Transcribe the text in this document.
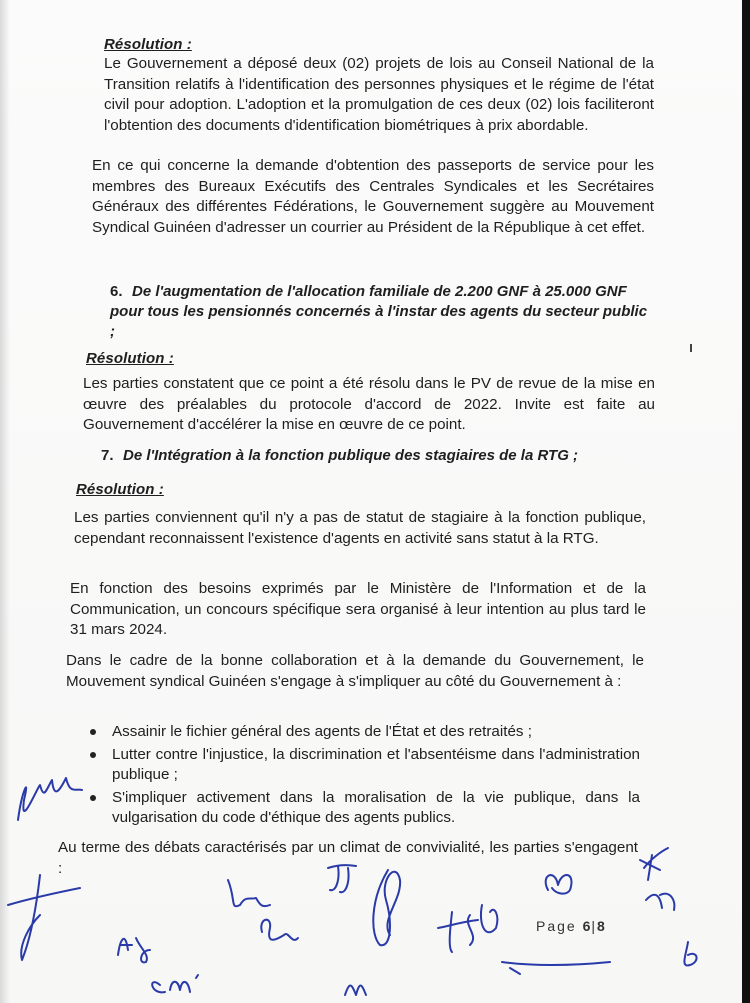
Résolution :
Le Gouvernement a déposé deux (02) projets de lois au Conseil National de la Transition relatifs à l'identification des personnes physiques et le régime de l'état civil pour adoption. L'adoption et la promulgation de ces deux (02) lois faciliteront l'obtention des documents d'identification biométriques à prix abordable.
En ce qui concerne la demande d'obtention des passeports de service pour les membres des Bureaux Exécutifs des Centrales Syndicales et les Secrétaires Généraux des différentes Fédérations, le Gouvernement suggère au Mouvement Syndical Guinéen d'adresser un courrier au Président de la République à cet effet.
6. De l'augmentation de l'allocation familiale de 2.200 GNF à 25.000 GNF pour tous les pensionnés concernés à l'instar des agents du secteur public ;
Résolution :
Les parties constatent que ce point a été résolu dans le PV de revue de la mise en œuvre des préalables du protocole d'accord de 2022. Invite est faite au Gouvernement d'accélérer la mise en œuvre de ce point.
7. De l'Intégration à la fonction publique des stagiaires de la RTG ;
Résolution :
Les parties conviennent qu'il n'y a pas de statut de stagiaire à la fonction publique, cependant reconnaissent l'existence d'agents en activité sans statut à la RTG.
En fonction des besoins exprimés par le Ministère de l'Information et de la Communication, un concours spécifique sera organisé à leur intention au plus tard le 31 mars 2024.
Dans le cadre de la bonne collaboration et à la demande du Gouvernement, le Mouvement syndical Guinéen s'engage à s'impliquer au côté du Gouvernement à :
Assainir le fichier général des agents de l'État et des retraités ;
Lutter contre l'injustice, la discrimination et l'absentéisme dans l'administration publique ;
S'impliquer activement dans la moralisation de la vie publique, dans la vulgarisation du code d'éthique des agents publics.
Au terme des débats caractérisés par un climat de convivialité, les parties s'engagent :
Page 6|8
